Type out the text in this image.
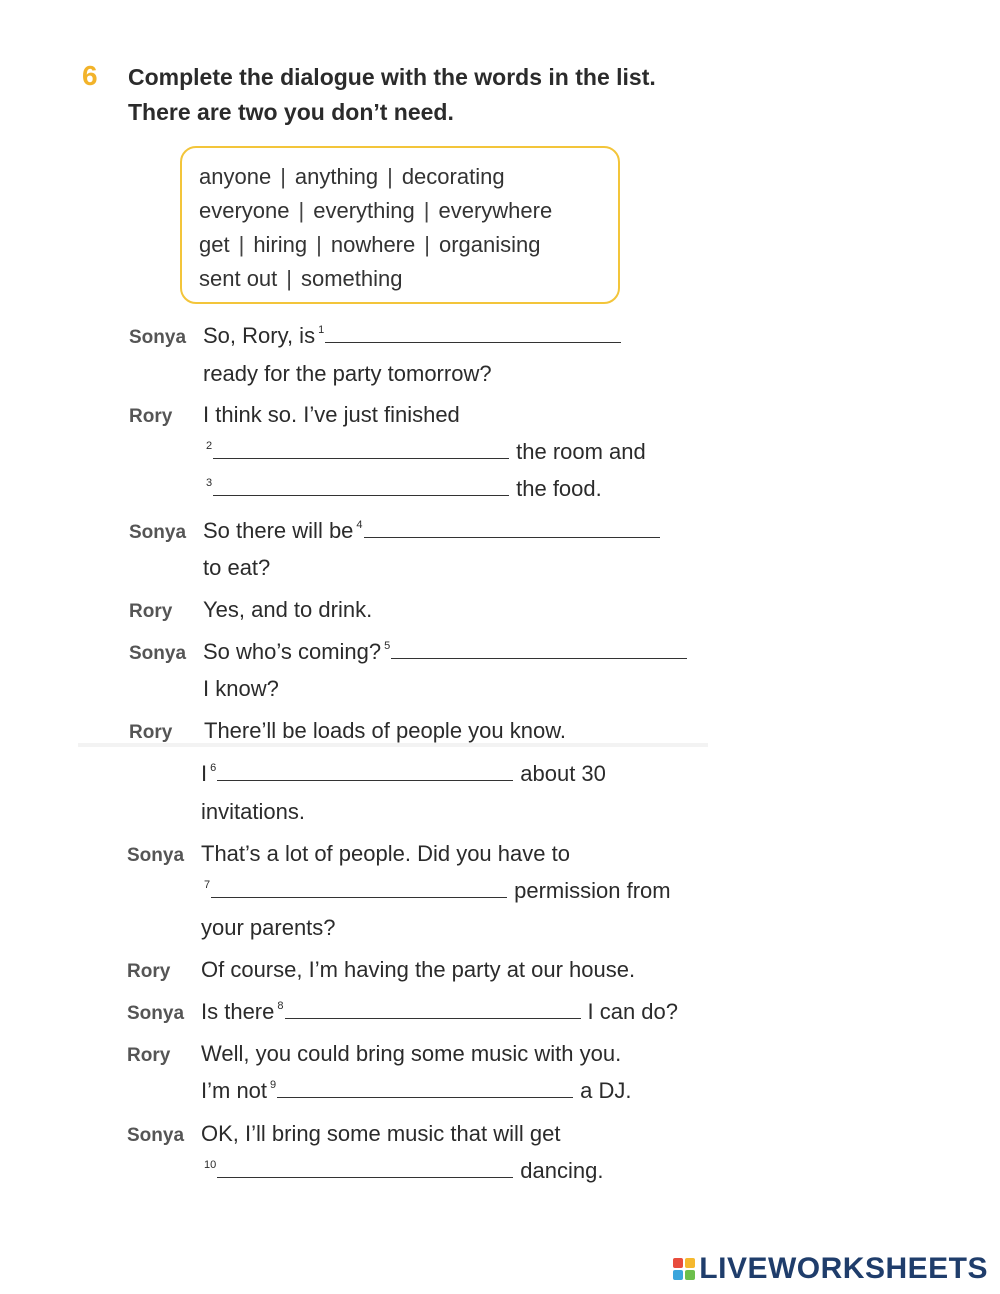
6 Complete the dialogue with the words in the list.
There are two you don’t need.
anyone | anything | decorating
everyone | everything | everywhere
get | hiring | nowhere | organising
sent out | something
Sonya So, Rory, is 1
ready for the party tomorrow?
Rory I think so. I’ve just finished
2	the room and
3	the food.
Sonya So there will be 4
to eat?
Rory Yes, and to drink.
Sonya So who’s coming? 5
I know?
Rory There’ll be loads of people you know.
I 6	about 30
invitations.
Sonya That’s a lot of people. Did you have to
7	permission from
your parents?
Rory Of course, I’m having the party at our house.
Sonya Is there 8	I can do?
Rory Well, you could bring some music with you.
I’m not 9	a DJ.
Sonya OK, I’ll bring some music that will get
10	dancing.
LIVEWORKSHEETS
